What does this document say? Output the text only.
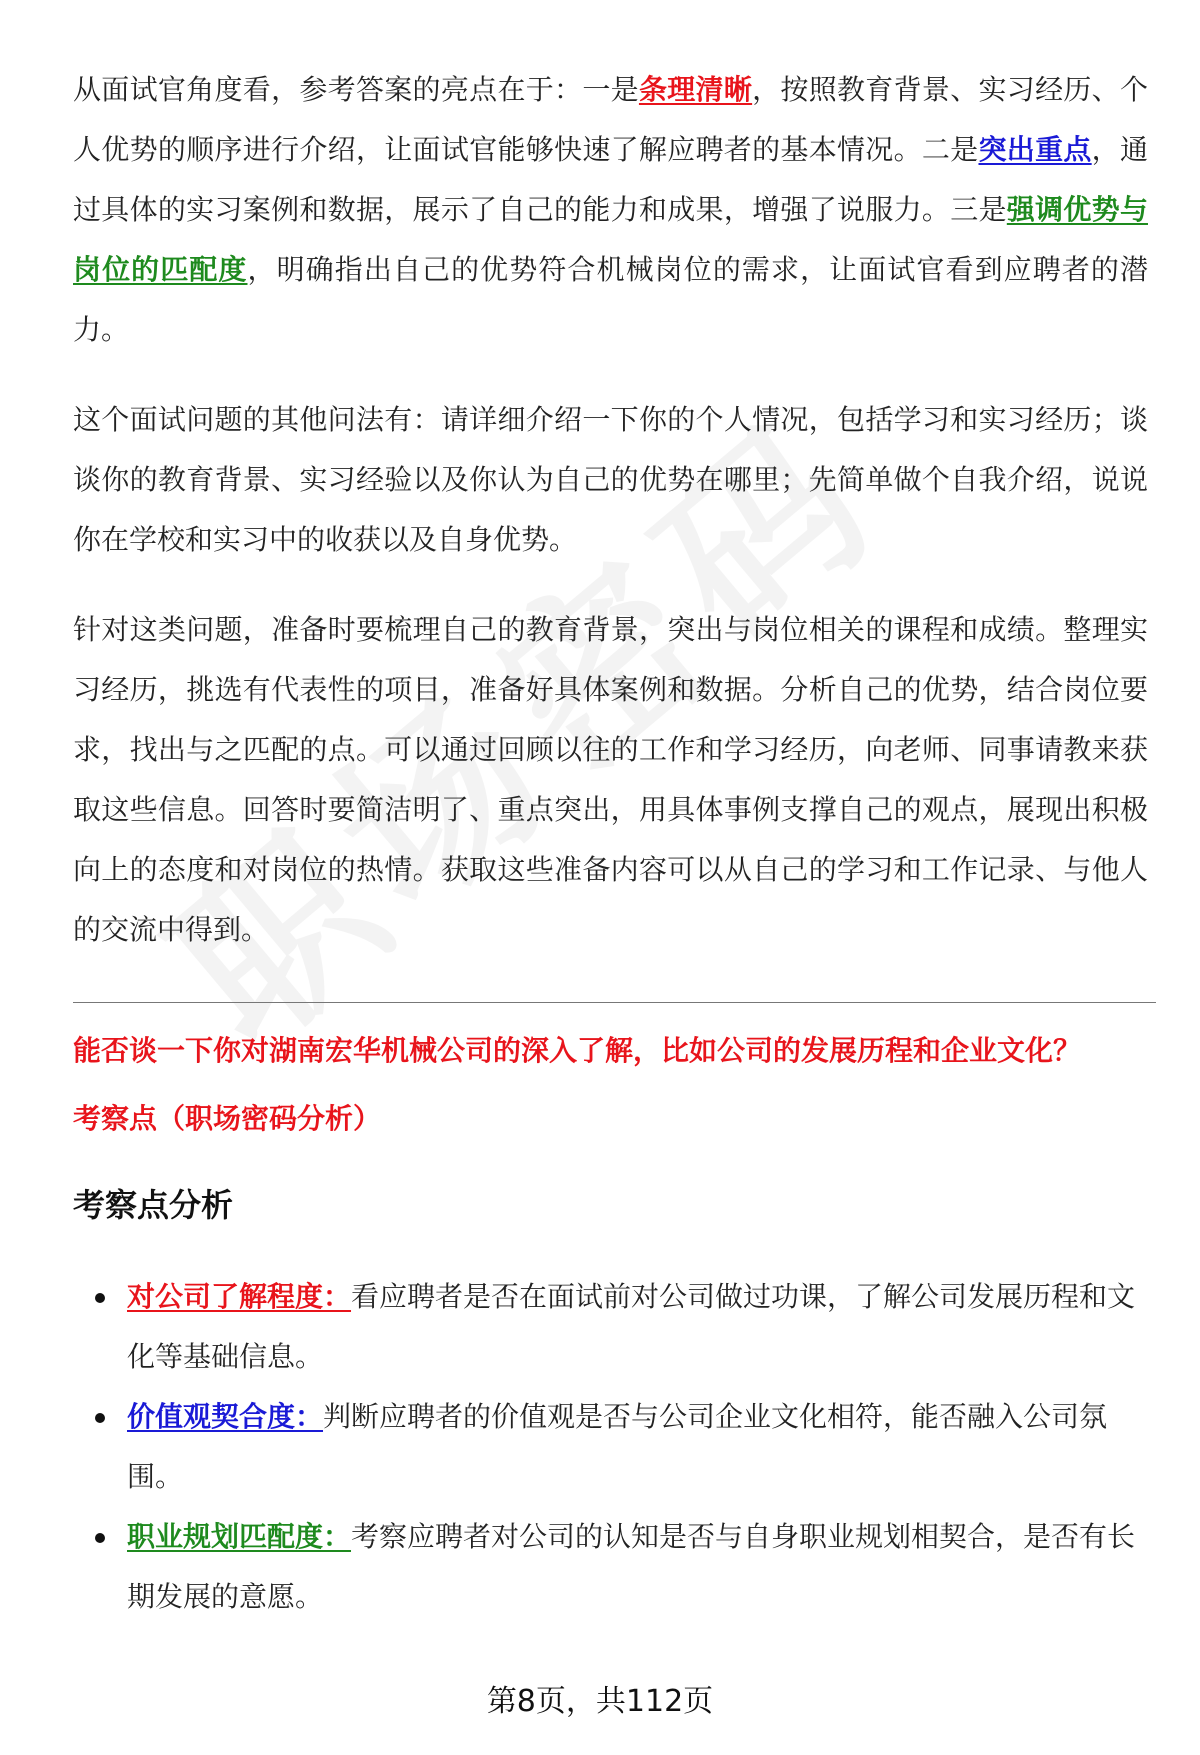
从面试官角度看，参考答案的亮点在于：一是条理清晰，按照教育背景、实习经历、个人优势的顺序进行介绍，让面试官能够快速了解应聘者的基本情况。二是突出重点，通过具体的实习案例和数据，展示了自己的能力和成果，增强了说服力。三是强调优势与岗位的匹配度，明确指出自己的优势符合机械岗位的需求，让面试官看到应聘者的潜力。

这个面试问题的其他问法有：请详细介绍一下你的个人情况，包括学习和实习经历；谈谈你的教育背景、实习经验以及你认为自己的优势在哪里；先简单做个自我介绍，说说你在学校和实习中的收获以及自身优势。

针对这类问题，准备时要梳理自己的教育背景，突出与岗位相关的课程和成绩。整理实习经历，挑选有代表性的项目，准备好具体案例和数据。分析自己的优势，结合岗位要求，找出与之匹配的点。可以通过回顾以往的工作和学习经历，向老师、同事请教来获取这些信息。回答时要简洁明了、重点突出，用具体事例支撑自己的观点，展现出积极向上的态度和对岗位的热情。获取这些准备内容可以从自己的学习和工作记录、与他人的交流中得到。

能否谈一下你对湖南宏华机械公司的深入了解，比如公司的发展历程和企业文化？
考察点（职场密码分析）
考察点分析
对公司了解程度：看应聘者是否在面试前对公司做过功课，了解公司发展历程和文化等基础信息。
价值观契合度：判断应聘者的价值观是否与公司企业文化相符，能否融入公司氛围。
职业规划匹配度：考察应聘者对公司的认知是否与自身职业规划相契合，是否有长期发展的意愿。
第8页，共112页
